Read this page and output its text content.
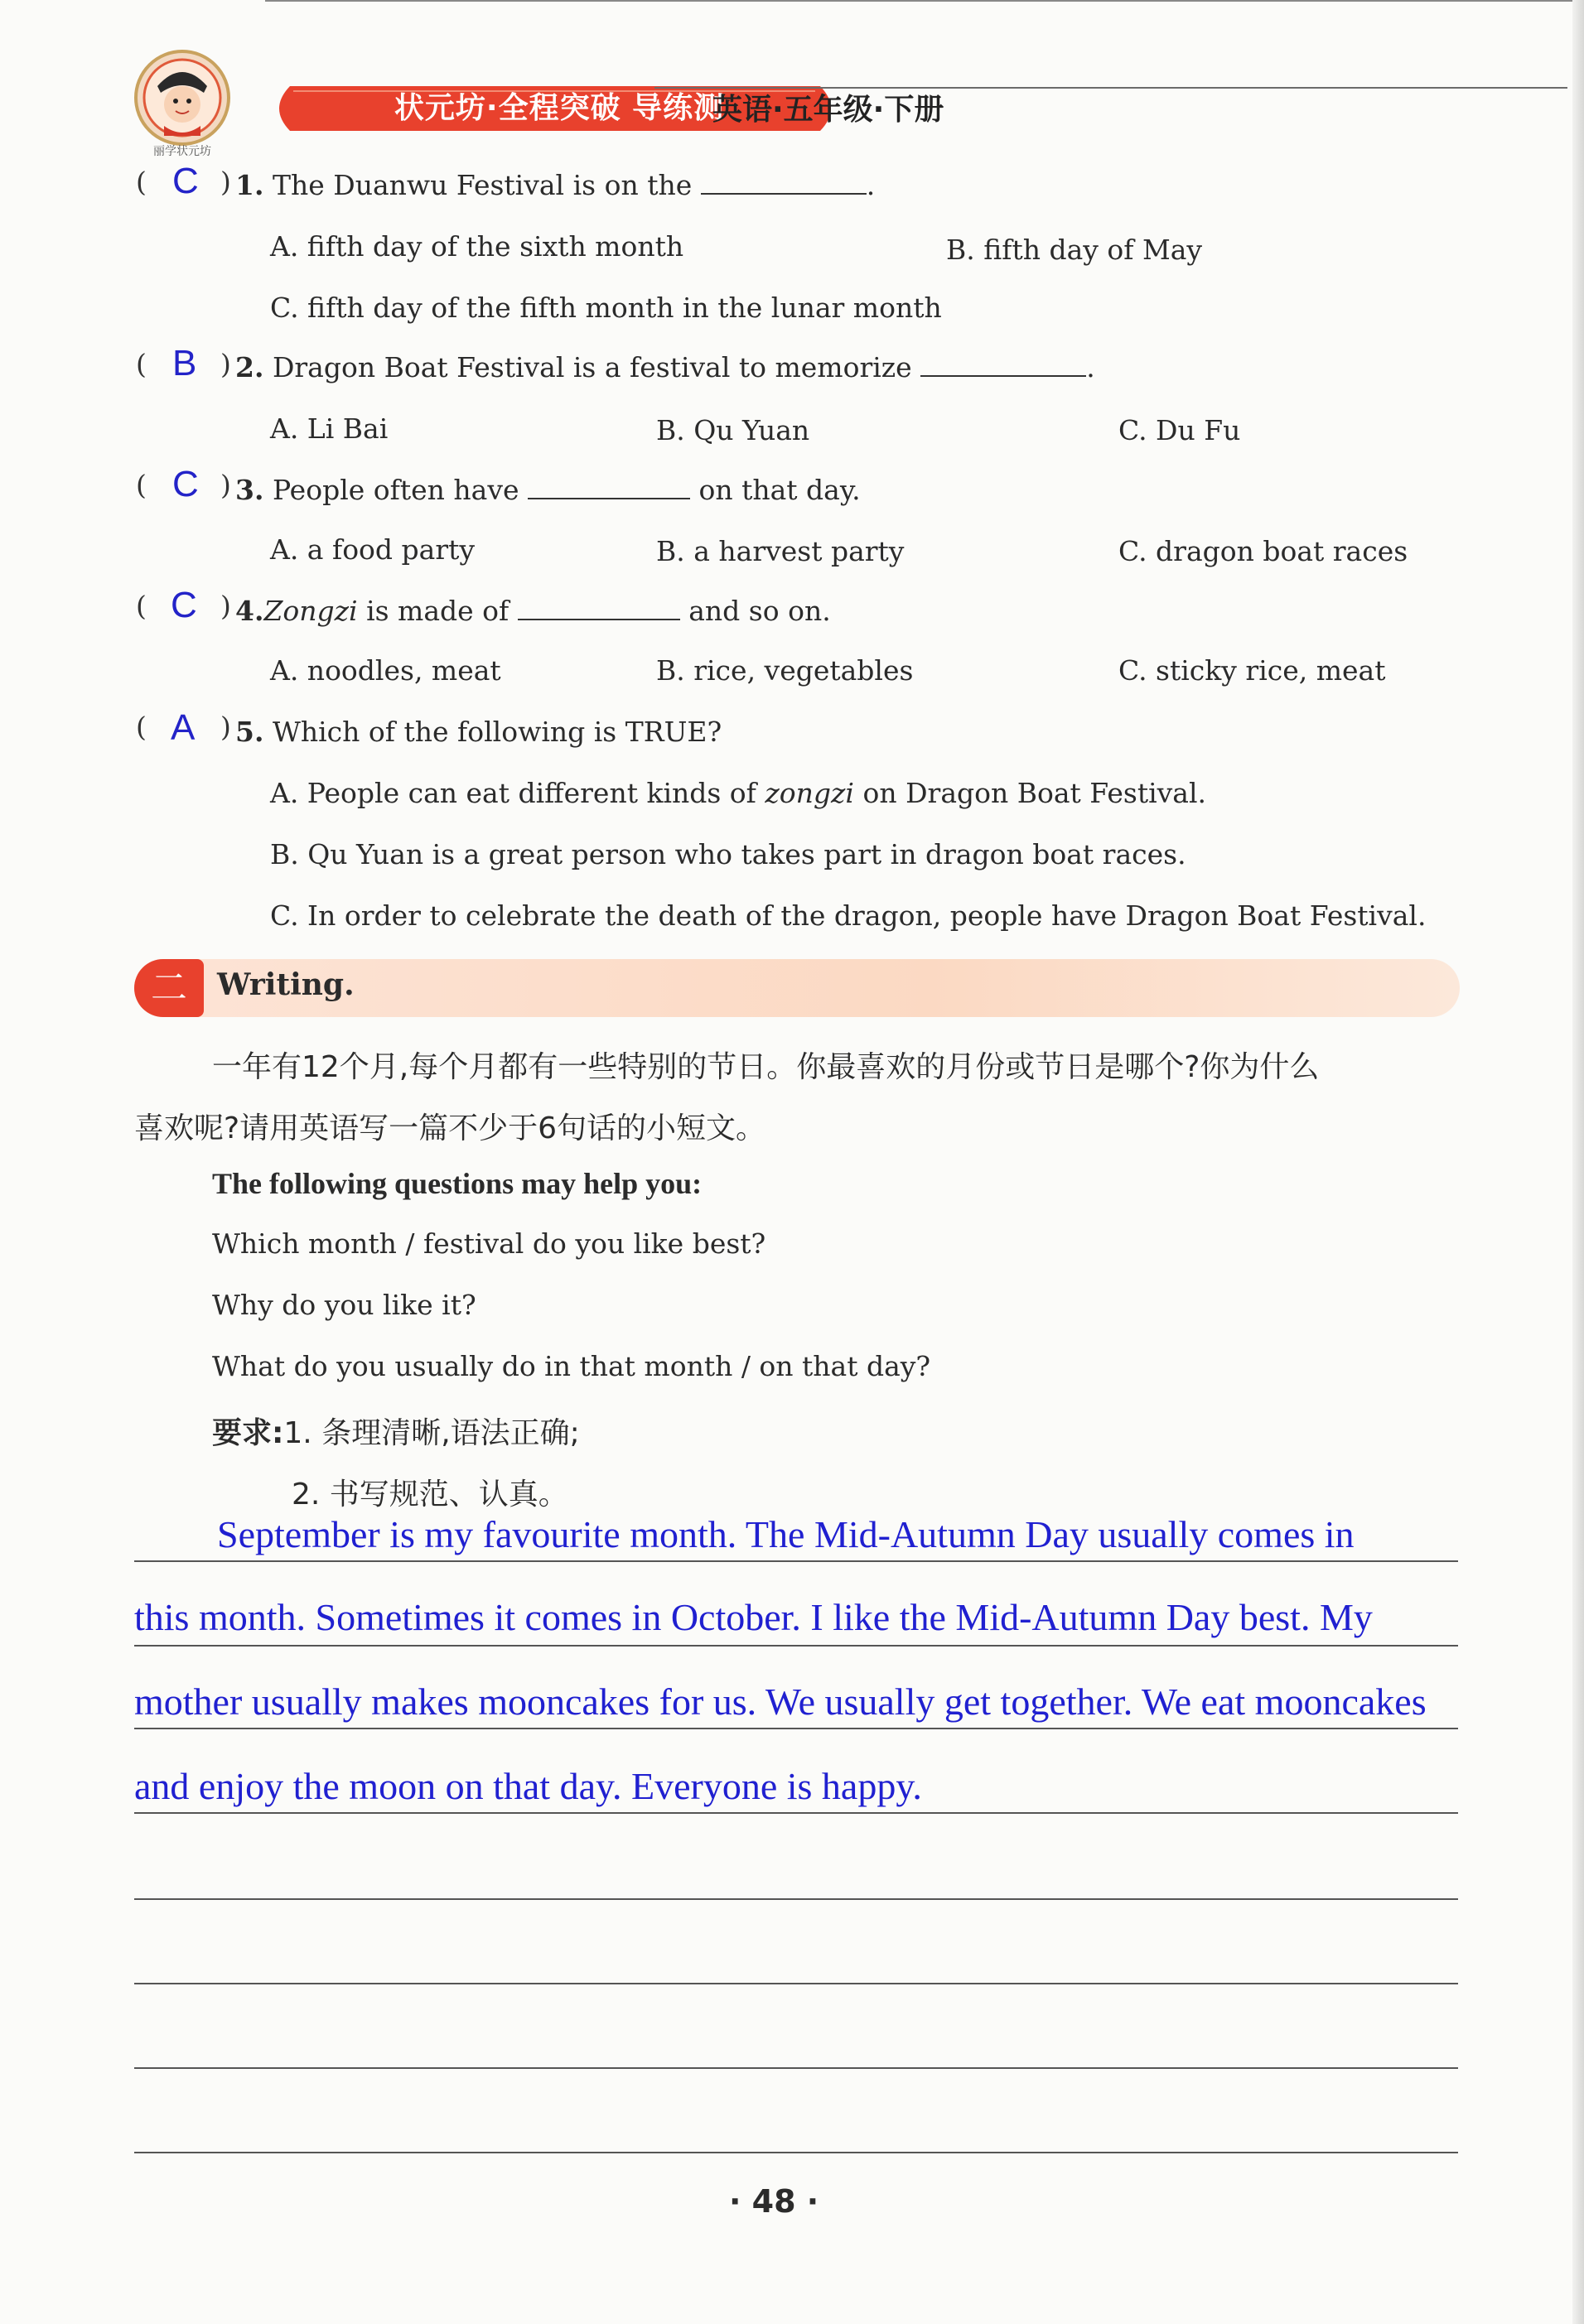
丽学状元坊
状元坊·全程突破 导练测
英语·五年级·下册
( C ) 1. The Duanwu Festival is on the	.
A. fifth day of the sixth month	B. fifth day of May
C. fifth day of the fifth month in the lunar month
( B ) 2. Dragon Boat Festival is a festival to memorize	.
A. Li Bai	B. Qu Yuan	C. Du Fu
( C ) 3. People often have	on that day.
A. a food party	B. a harvest party	C. dragon boat races
( C ) 4.Zongzi is made of	and so on.
A. noodles, meat	B. rice, vegetables	C. sticky rice, meat
( A ) 5. Which of the following is TRUE?
A. People can eat different kinds of zongzi on Dragon Boat Festival.
B. Qu Yuan is a great person who takes part in dragon boat races.
C. In order to celebrate the death of the dragon, people have Dragon Boat Festival.
二	Writing.
一年有12个月,每个月都有一些特别的节日。你最喜欢的月份或节日是哪个?你为什么
喜欢呢?请用英语写一篇不少于6句话的小短文。
The following questions may help you:
Which month / festival do you like best?
Why do you like it?
What do you usually do in that month / on that day?
要求:1. 条理清晰,语法正确;
2. 书写规范、认真。
September is my favourite month. The Mid-Autumn Day usually comes in
this month. Sometimes it comes in October. I like the Mid-Autumn Day best. My
mother usually makes mooncakes for us. We usually get together. We eat mooncakes
and enjoy the moon on that day. Everyone is happy.
· 48 ·
